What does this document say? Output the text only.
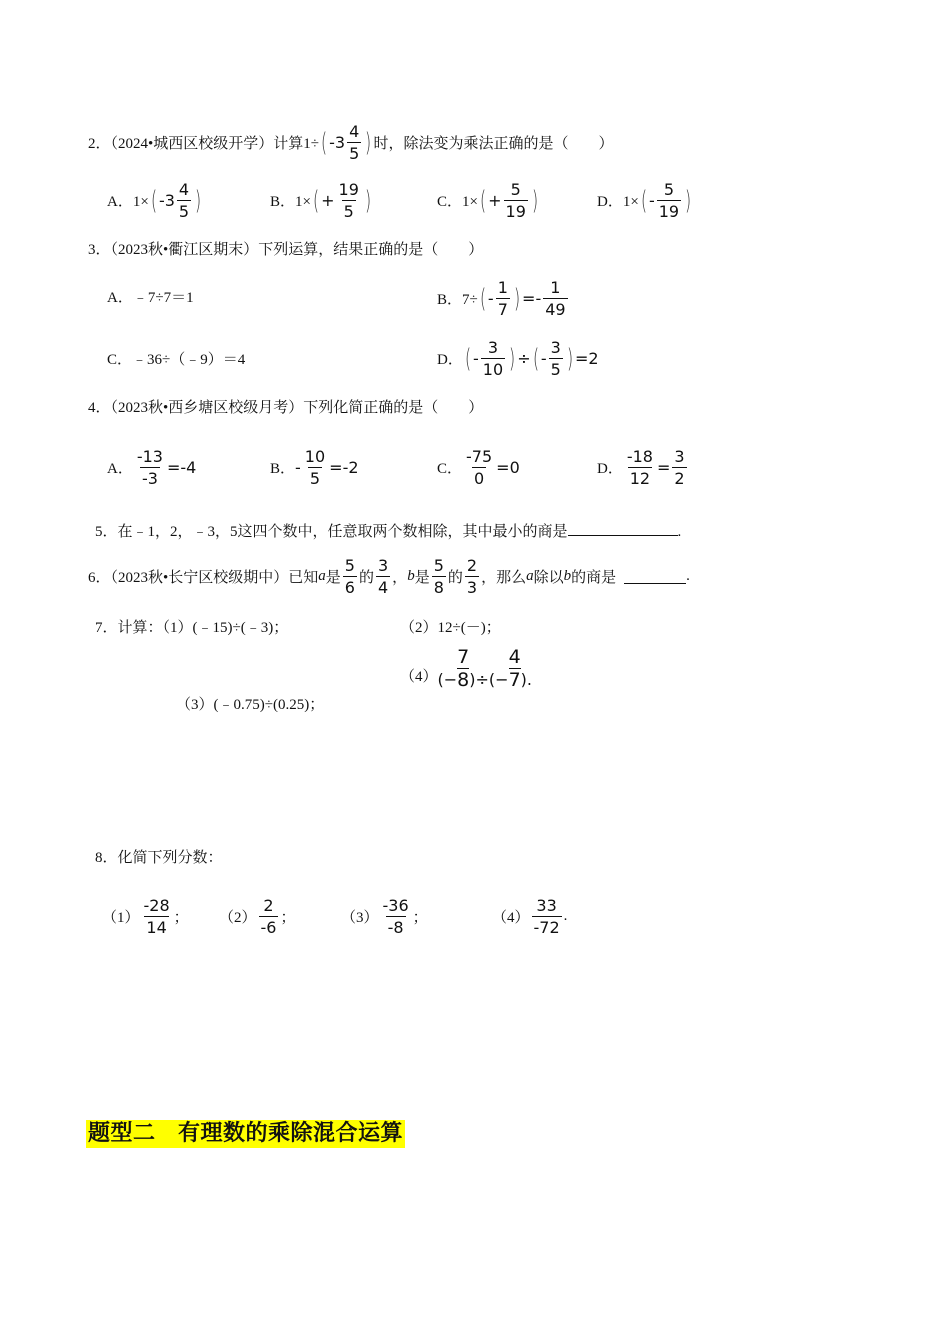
2．（2024•城西区校级开学）计算1÷ ( $-3 \frac{4}{5}$ ) 时，除法变为乘法正确的是（　　）
A．1× ( $-3 \frac{4}{5}$ )	B．1× ( + $\frac{19}{5}$ )	C．1× ( + $\frac{5}{19}$ )	D．1× ( - $\frac{5}{19}$ )
3．（2023秋•衢江区期末）下列运算，结果正确的是（　　）
A．﹣7÷7＝1	B．7÷ ( - $\frac{1}{7}$ ) =- $\frac{1}{49}$
C．﹣36÷（﹣9）＝4	D． ( - $\frac{3}{10}$ ) ÷ ( - $\frac{3}{5}$ ) =2
4．（2023秋•西乡塘区校级月考）下列化简正确的是（　　）
A． $\frac{-13}{-3} =-4$	B． - $\frac{10}{5} =-2$	C． $\frac{-75}{0} =0$	D． $\frac{-18}{12} = \frac{3}{2}$
5．在﹣1，2，﹣3，5这四个数中，任意取两个数相除，其中最小的商是	.
6．（2023秋•长宁区校级期中）已知 a 是 $\frac{5}{6}$ 的 $\frac{3}{4}$ ， b 是 $\frac{5}{8}$ 的 $\frac{2}{3}$ ，那么 a 除以 b 的商是	.
7．计算：（1）(﹣15)÷(﹣3)；	（2）12÷(－)；
（3）(﹣0.75)÷(0.25)；
（4） (− $\frac{7}{8}$ )÷(− $\frac{4}{7}$ ).
8．化简下列分数：
$(1) \frac{-28}{14}$ ； $(2) \frac{2}{-6}$ ；	$(3) \frac{-36}{-8}$ ；	$(4) \frac{33}{-72}$ .
题型二　有理数的乘除混合运算
